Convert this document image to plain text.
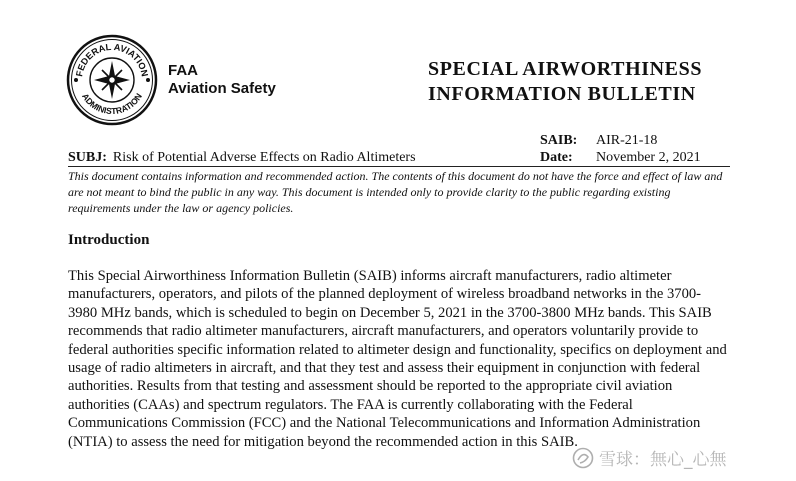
FEDERAL AVIATION
ADMINISTRATION
FAA
Aviation Safety
SPECIAL AIRWORTHINESS
INFORMATION BULLETIN
SAIB: AIR-21-18
SUBJ: Risk of Potential Adverse Effects on Radio Altimeters	Date: November 2, 2021
This document contains information and recommended action. The contents of this document do not have the force and effect of law and are not meant to bind the public in any way. This document is intended only to provide clarity to the public regarding existing requirements under the law or agency policies.
Introduction
This Special Airworthiness Information Bulletin (SAIB) informs aircraft manufacturers, radio altimeter manufacturers, operators, and pilots of the planned deployment of wireless broadband networks in the 3700-3980 MHz bands, which is scheduled to begin on December 5, 2021 in the 3700-3800 MHz bands. This SAIB recommends that radio altimeter manufacturers, aircraft manufacturers, and operators voluntarily provide to federal authorities specific information related to altimeter design and functionality, specifics on deployment and usage of radio altimeters in aircraft, and that they test and assess their equipment in conjunction with federal authorities. Results from that testing and assessment should be reported to the appropriate civil aviation authorities (CAAs) and spectrum regulators. The FAA is currently collaborating with the Federal Communications Commission (FCC) and the National Telecommunications and Information Administration (NTIA) to assess the need for mitigation beyond the recommended action in this SAIB.
雪球：無心_心無
